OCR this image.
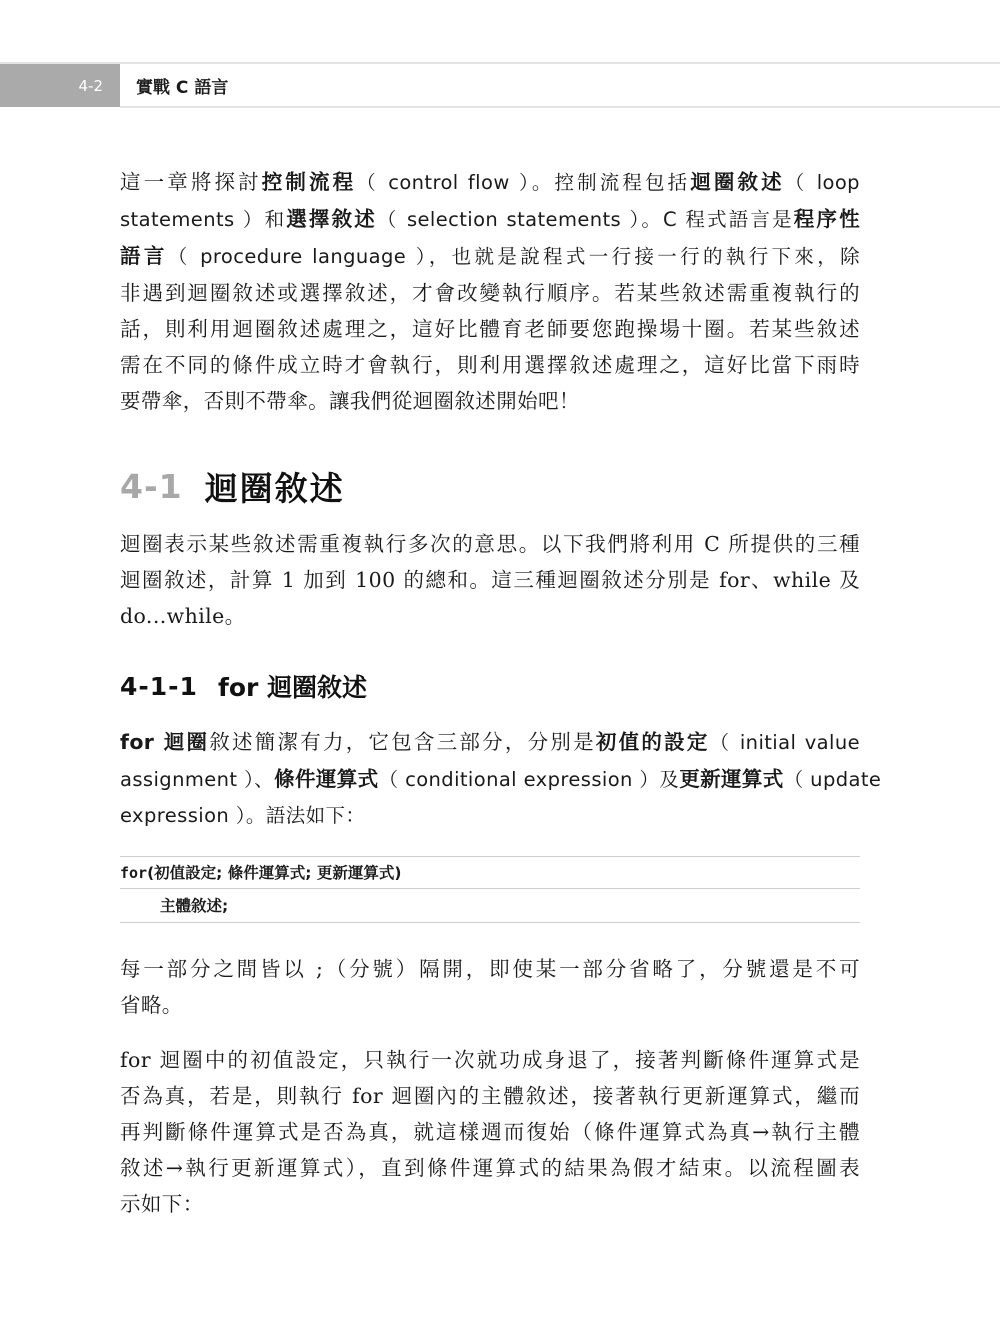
4-2 實戰 C 語言
這一章將探討控制流程（ control flow ）。控制流程包括迴圈敘述（ loop
statements ）和選擇敘述（ selection statements ）。C 程式語言是程序性
語言（ procedure language ），也就是說程式一行接一行的執行下來，除
非遇到迴圈敘述或選擇敘述，才會改變執行順序。若某些敘述需重複執行的
話，則利用迴圈敘述處理之，這好比體育老師要您跑操場十圈。若某些敘述
需在不同的條件成立時才會執行，則利用選擇敘述處理之，這好比當下雨時
要帶傘，否則不帶傘。讓我們從迴圈敘述開始吧！
4-1 迴圈敘述
迴圈表示某些敘述需重複執行多次的意思。以下我們將利用 C 所提供的三種
迴圈敘述，計算 1 加到 100 的總和。這三種迴圈敘述分別是 for、while 及
do...while。
4-1-1 for 迴圈敘述
for 迴圈敘述簡潔有力，它包含三部分，分別是初值的設定（ initial value
assignment ）、條件運算式（ conditional expression ）及更新運算式（ update
expression ）。語法如下：
for(初值設定; 條件運算式; 更新運算式)
主體敘述;
每一部分之間皆以 ;（分號）隔開，即使某一部分省略了，分號還是不可
省略。
for 迴圈中的初值設定，只執行一次就功成身退了，接著判斷條件運算式是
否為真，若是，則執行 for 迴圈內的主體敘述，接著執行更新運算式，繼而
再判斷條件運算式是否為真，就這樣週而復始（條件運算式為真→執行主體
敘述→執行更新運算式），直到條件運算式的結果為假才結束。以流程圖表
示如下：
